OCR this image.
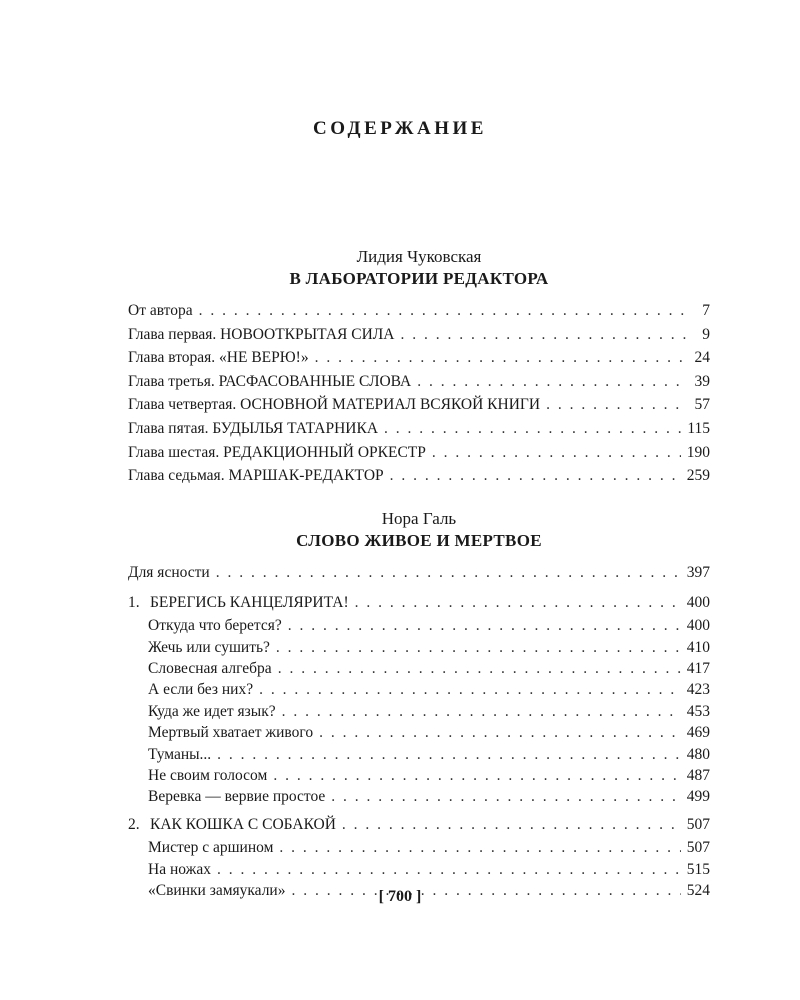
СОДЕРЖАНИЕ
Лидия Чуковская
В ЛАБОРАТОРИИ РЕДАКТОРА
От автора . . .	7
Глава первая. НОВООТКРЫТАЯ СИЛА . . .	9
Глава вторая. «НЕ ВЕРЮ!» . . .	24
Глава третья. РАСФАСОВАННЫЕ СЛОВА . . .	39
Глава четвертая. ОСНОВНОЙ МАТЕРИАЛ ВСЯКОЙ КНИГИ . . .	57
Глава пятая. БУДЫЛЬЯ ТАТАРНИКА . . .	115
Глава шестая. РЕДАКЦИОННЫЙ ОРКЕСТР . . .	190
Глава седьмая. МАРШАК-РЕДАКТОР . . .	259
Нора Галь
СЛОВО ЖИВОЕ И МЕРТВОЕ
Для ясности . . .	397
1. БЕРЕГИСЬ КАНЦЕЛЯРИТА! . . .	400
Откуда что берется? . . .	400
Жечь или сушить? . . .	410
Словесная алгебра . . .	417
А если без них? . . .	423
Куда же идет язык? . . .	453
Мертвый хватает живого . . .	469
Туманы... . . .	480
Не своим голосом . . .	487
Веревка — вервие простое . . .	499
2. КАК КОШКА С СОБАКОЙ . . .	507
Мистер с аршином . . .	507
На ножах . . .	515
«Свинки замяукали» . . .	524
[ 700 ]
